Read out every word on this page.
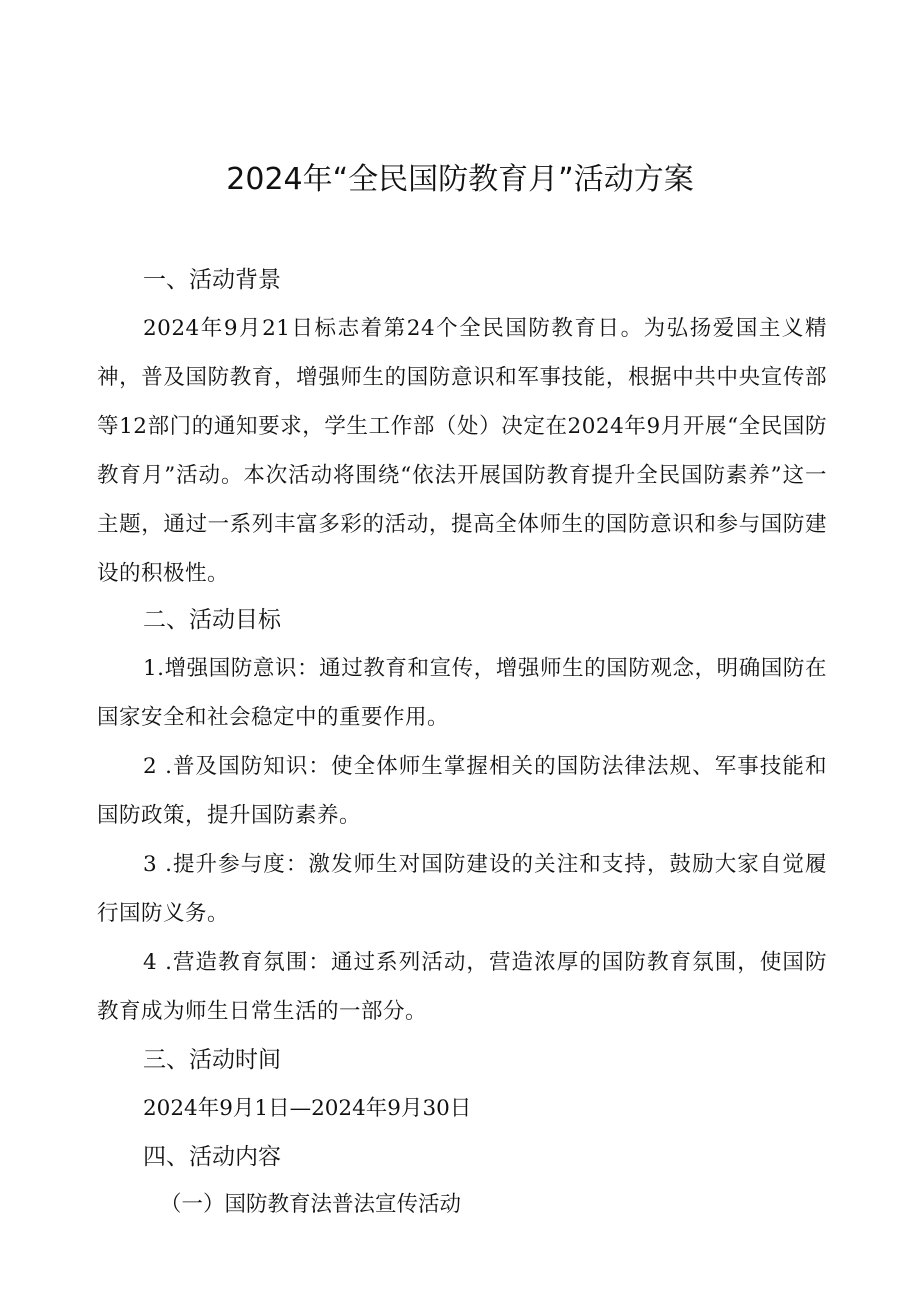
2024年“全民国防教育月”活动方案
一、活动背景

2024年9月21日标志着第24个全民国防教育日。为弘扬爱国主义精神，普及国防教育，增强师生的国防意识和军事技能，根据中共中央宣传部等12部门的通知要求，学生工作部（处）决定在2024年9月开展“全民国防教育月”活动。本次活动将围绕“依法开展国防教育提升全民国防素养”这一主题，通过一系列丰富多彩的活动，提高全体师生的国防意识和参与国防建设的积极性。

二、活动目标

1.增强国防意识：通过教育和宣传，增强师生的国防观念，明确国防在国家安全和社会稳定中的重要作用。

2 .普及国防知识：使全体师生掌握相关的国防法律法规、军事技能和国防政策，提升国防素养。

3 .提升参与度：激发师生对国防建设的关注和支持，鼓励大家自觉履行国防义务。

4 .营造教育氛围：通过系列活动，营造浓厚的国防教育氛围，使国防教育成为师生日常生活的一部分。

三、活动时间
2024年9月1日—2024年9月30日
四、活动内容
（一）国防教育法普法宣传活动
